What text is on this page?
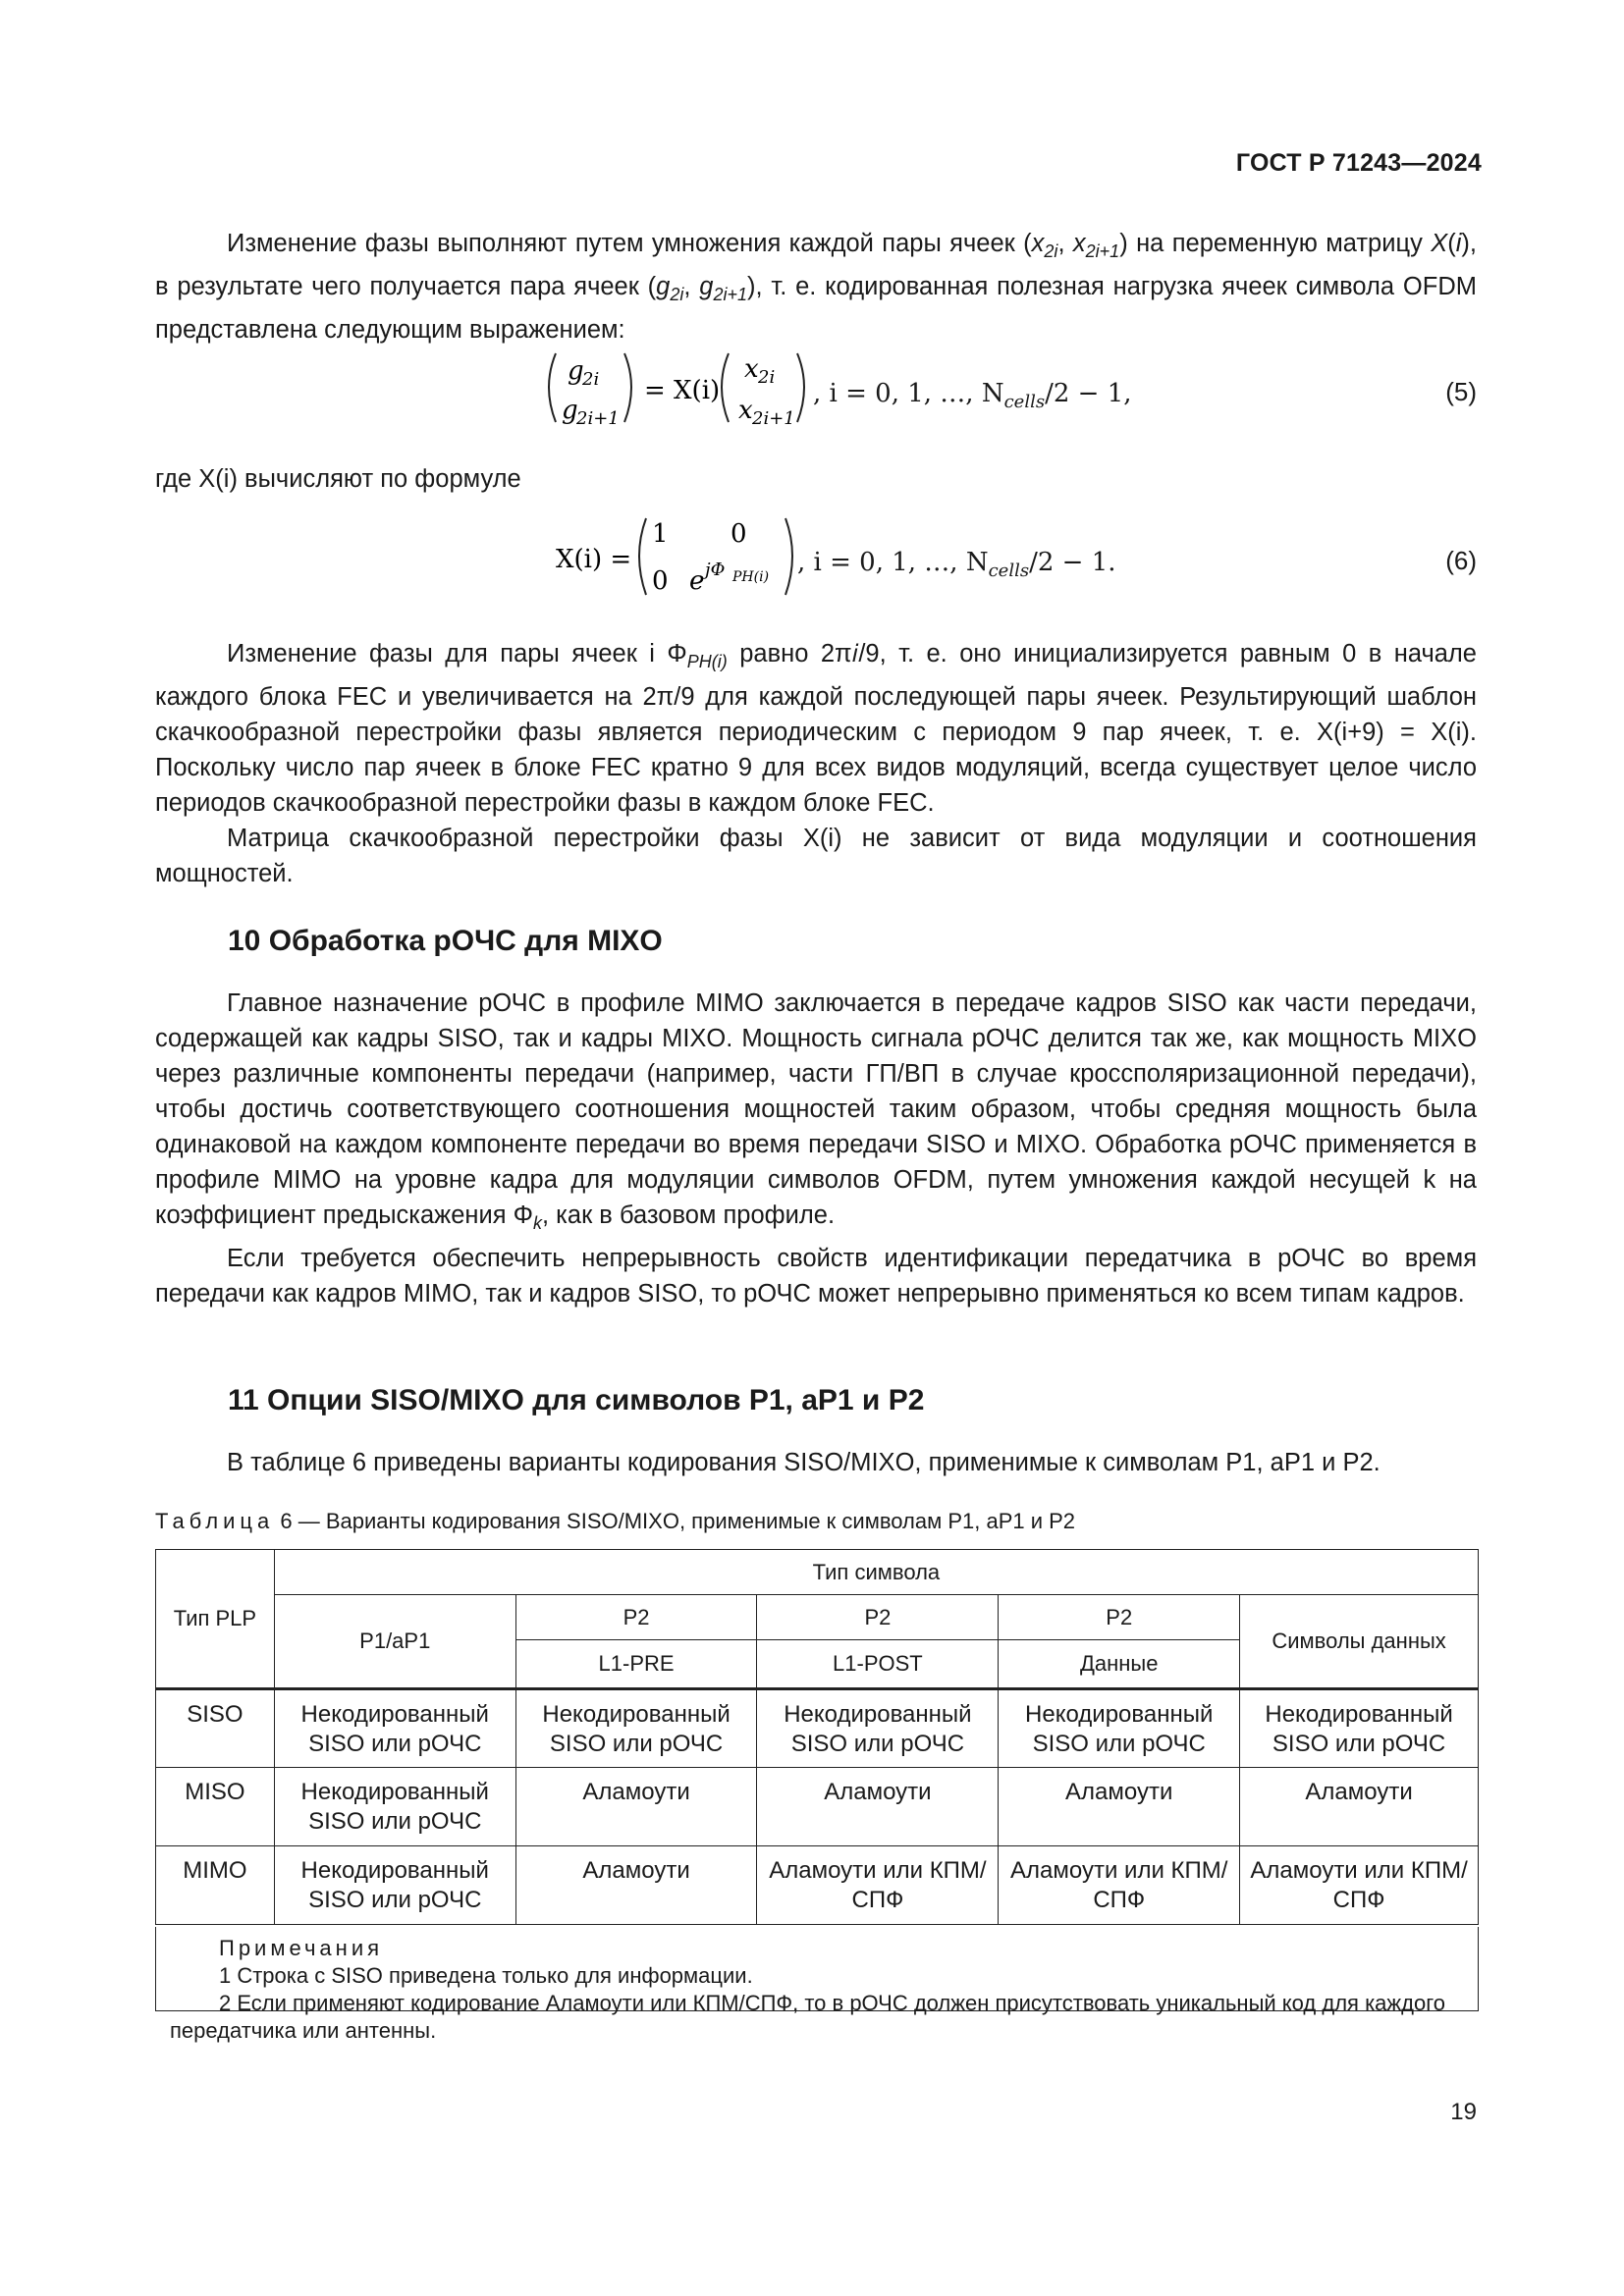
ГОСТ Р 71243—2024

Изменение фазы выполняют путем умножения каждой пары ячеек ($x_{2i}$, $x_{2i+1}$) на переменную матрицу X(i), в результате чего получается пара ячеек ($g_{2i}$, $g_{2i+1}$), т. е. кодированная полезная нагрузка ячеек символа OFDM представлена следующим выражением:

g
2i
g
2i+1
= X(i)
x 2i
x 2i+1
, i = 0, 1, …, $N_{cells}/2 - 1$,	(5)

где X(i) вычисляют по формуле

X(i) =
1 0
0 e jΦ PH(i) , i = 0, 1, …, $N_{cells}/2 - 1$.	(6)

Изменение фазы для пары ячеек i $\Phi_{PH(i)}$ равно 2π𝑖/9, т. е. оно инициализируется равным 0 в начале каждого блока FEC и увеличивается на 2π/9 для каждой последующей пары ячеек. Результирующий шаблон скачкообразной перестройки фазы является периодическим с периодом 9 пар ячеек, т. е. X(i+9) = X(i). Поскольку число пар ячеек в блоке FEC кратно 9 для всех видов модуляций, всегда существует целое число периодов скачкообразной перестройки фазы в каждом блоке FEC.

Матрица скачкообразной перестройки фазы X(i) не зависит от вида модуляции и соотношения мощностей.

10 Обработка рОЧС для MIXO

Главное назначение рОЧС в профиле MIMO заключается в передаче кадров SISO как части передачи, содержащей как кадры SISO, так и кадры MIXO. Мощность сигнала рОЧС делится так же, как мощность MIXO через различные компоненты передачи (например, части ГП/ВП в случае кроссполяризационной передачи), чтобы достичь соответствующего соотношения мощностей таким образом, чтобы средняя мощность была одинаковой на каждом компоненте передачи во время передачи SISO и MIXO. Обработка рОЧС применяется в профиле MIMO на уровне кадра для модуляции символов OFDM, путем умножения каждой несущей k на коэффициент предыскажения $\Phi_k$, как в базовом профиле.

Если требуется обеспечить непрерывность свойств идентификации передатчика в рОЧС во время передачи как кадров MIMO, так и кадров SISO, то рОЧС может непрерывно применяться ко всем типам кадров.

11 Опции SISO/MIXO для символов P1, aP1 и P2

В таблице 6 приведены варианты кодирования SISO/MIXO, применимые к символам P1, aP1 и P2.

Таблица 6 — Варианты кодирования SISO/MIXO, применимые к символам P1, aP1 и P2
Тип PLP	Тип символа				
	P1/aP1	P2	P2	P2	Символы данных
		L1-PRE	L1-POST	Данные	
SISO	Некодированный SISO или рОЧС	Некодированный SISO или рОЧС	Некодированный SISO или рОЧС	Некодированный SISO или рОЧС	Некодированный SISO или рОЧС
MISO	Некодированный SISO или рОЧС	Аламоути	Аламоути	Аламоути	Аламоути
MIMO	Некодированный SISO или рОЧС	Аламоути	Аламоути или КПМ/СПФ	Аламоути или КПМ/СПФ	Аламоути или КПМ/СПФ
Примечания
1 Строка с SISO приведена только для информации.
2 Если применяют кодирование Аламоути или КПМ/СПФ, то в рОЧС должен присутствовать уникальный код для каждого передатчика или антенны.
19
